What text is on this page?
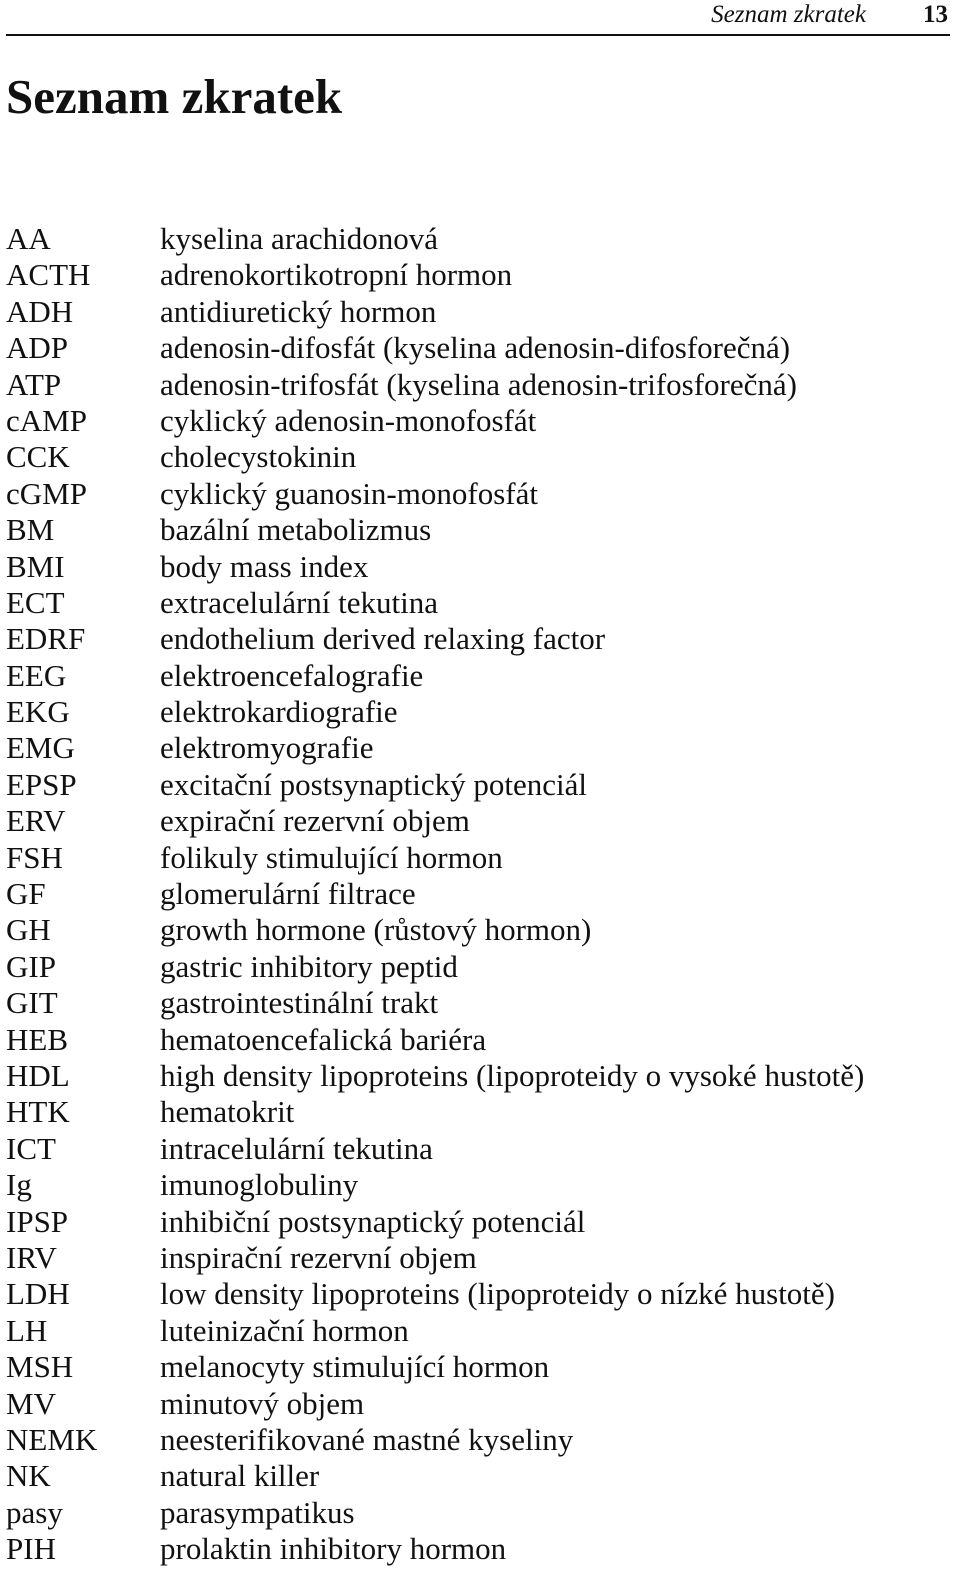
Seznam zkratek 13
Seznam zkratek
AA	kyselina arachidonová
ACTH	adrenokortikotropní hormon
ADH	antidiuretický hormon
ADP	adenosin-difosfát (kyselina adenosin-difosforečná)
ATP	adenosin-trifosfát (kyselina adenosin-trifosforečná)
cAMP	cyklický adenosin-monofosfát
CCK	cholecystokinin
cGMP	cyklický guanosin-monofosfát
BM	bazální metabolizmus
BMI	body mass index
ECT	extracelulární tekutina
EDRF	endothelium derived relaxing factor
EEG	elektroencefalografie
EKG	elektrokardiografie
EMG	elektromyografie
EPSP	excitační postsynaptický potenciál
ERV	expirační rezervní objem
FSH	folikuly stimulující hormon
GF	glomerulární filtrace
GH	growth hormone (růstový hormon)
GIP	gastric inhibitory peptid
GIT	gastrointestinální trakt
HEB	hematoencefalická bariéra
HDL	high density lipoproteins (lipoproteidy o vysoké hustotě)
HTK	hematokrit
ICT	intracelulární tekutina
Ig	imunoglobuliny
IPSP	inhibiční postsynaptický potenciál
IRV	inspirační rezervní objem
LDH	low density lipoproteins (lipoproteidy o nízké hustotě)
LH	luteinizační hormon
MSH	melanocyty stimulující hormon
MV	minutový objem
NEMK	neesterifikované mastné kyseliny
NK	natural killer
pasy	parasympatikus
PIH	prolaktin inhibitory hormon
